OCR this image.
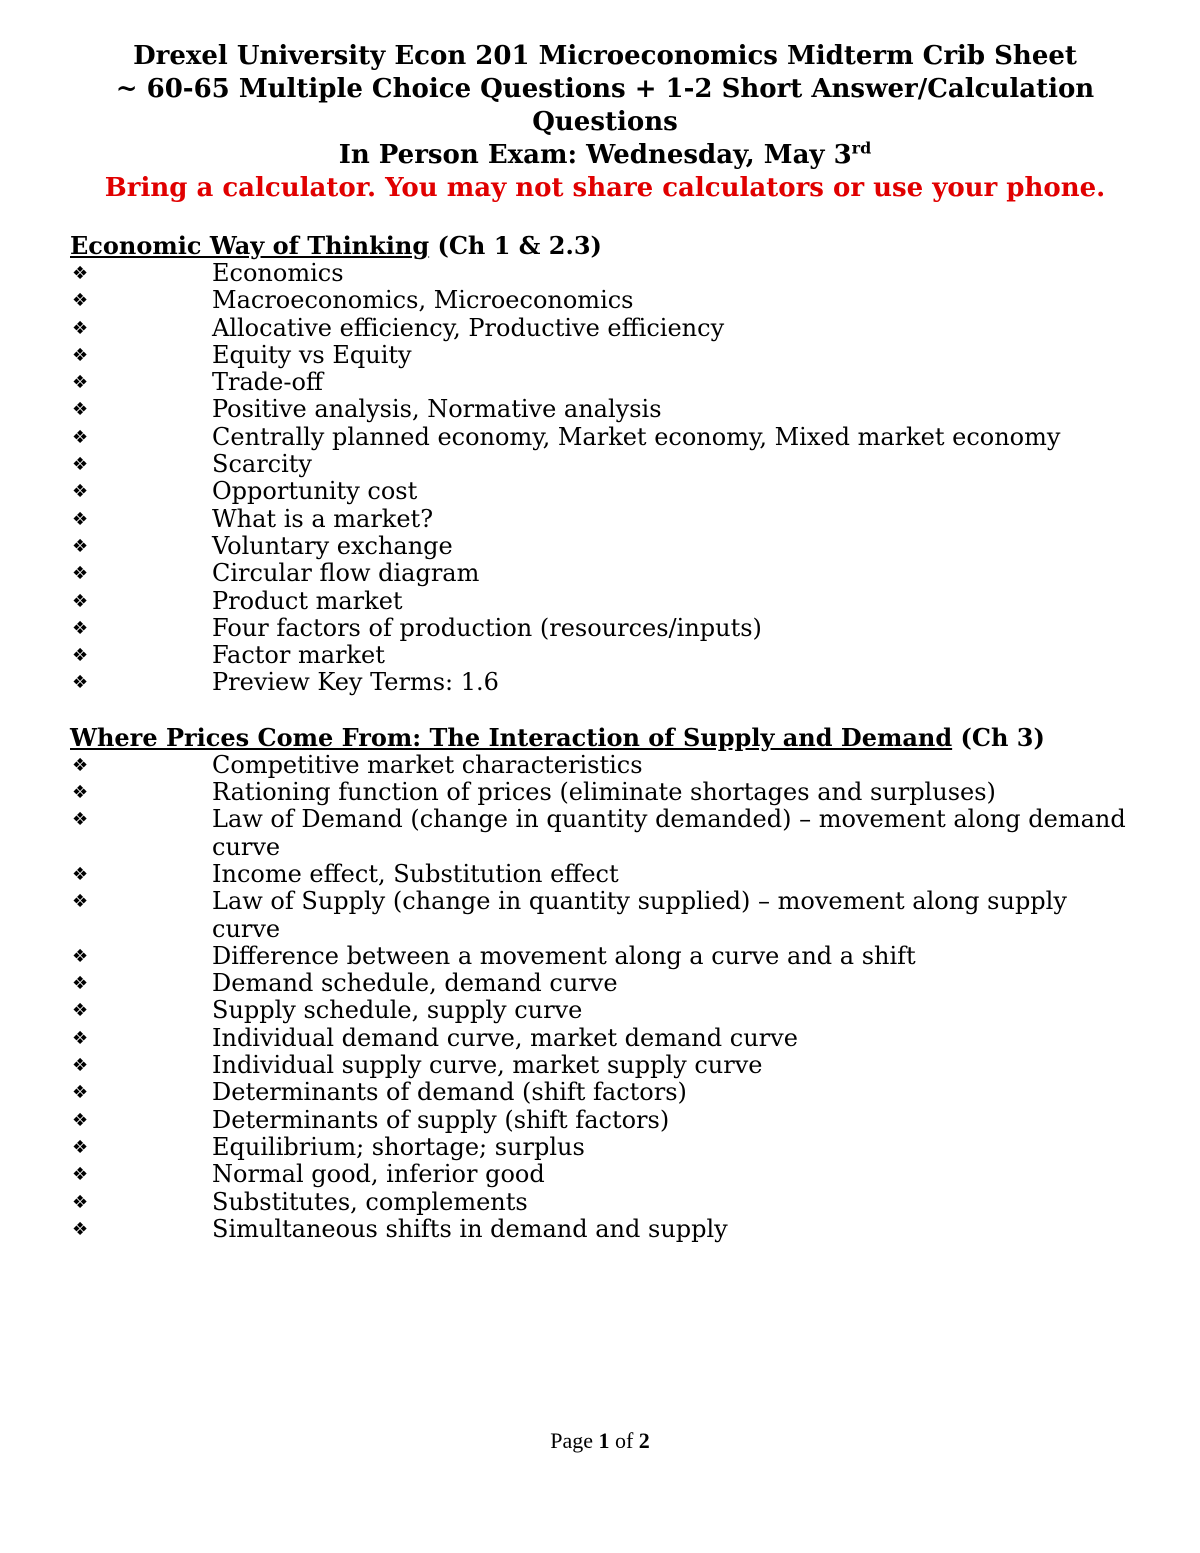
Drexel University Econ 201 Microeconomics Midterm Crib Sheet
~ 60-65 Multiple Choice Questions + 1-2 Short Answer/Calculation
Questions
In Person Exam: Wednesday, May 3rd
Bring a calculator. You may not share calculators or use your phone.
Economic Way of Thinking (Ch 1 & 2.3)
❖	Economics
❖	Macroeconomics, Microeconomics
❖	Allocative efficiency, Productive efficiency
❖	Equity vs Equity
❖	Trade-off
❖	Positive analysis, Normative analysis
❖	Centrally planned economy, Market economy, Mixed market economy
❖	Scarcity
❖	Opportunity cost
❖	What is a market?
❖	Voluntary exchange
❖	Circular flow diagram
❖	Product market
❖	Four factors of production (resources/inputs)
❖	Factor market
❖	Preview Key Terms: 1.6
Where Prices Come From: The Interaction of Supply and Demand (Ch 3)
❖	Competitive market characteristics
❖	Rationing function of prices (eliminate shortages and surpluses)
❖	Law of Demand (change in quantity demanded) – movement along demand curve
❖	Income effect, Substitution effect
❖	Law of Supply (change in quantity supplied) – movement along supply curve
❖	Difference between a movement along a curve and a shift
❖	Demand schedule, demand curve
❖	Supply schedule, supply curve
❖	Individual demand curve, market demand curve
❖	Individual supply curve, market supply curve
❖	Determinants of demand (shift factors)
❖	Determinants of supply (shift factors)
❖	Equilibrium; shortage; surplus
❖	Normal good, inferior good
❖	Substitutes, complements
❖	Simultaneous shifts in demand and supply
Page 1 of 2
